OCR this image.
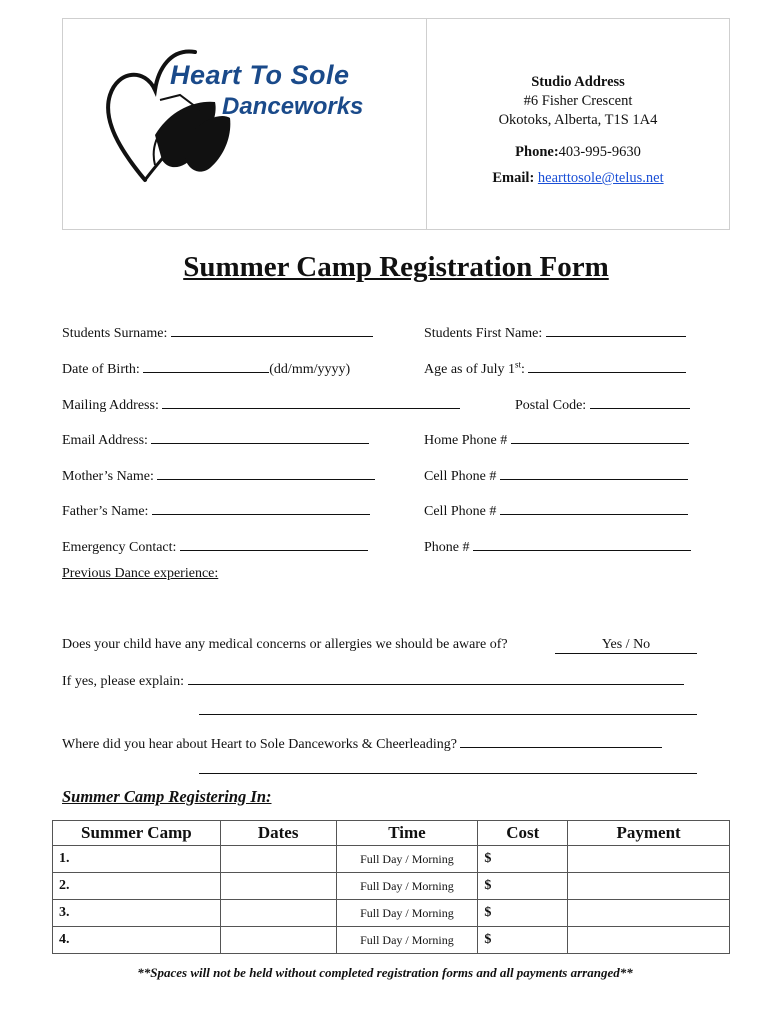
Heart To Sole
Danceworks
Studio Address
#6 Fisher Crescent
Okotoks, Alberta, T1S 1A4
Phone:403-995-9630
Email: hearttosole@telus.net
Summer Camp Registration Form
Students Surname:	Students First Name:
Date of Birth:	(dd/mm/yyyy)	Age as of July 1st:
Mailing Address:	Postal Code:
Email Address:	Home Phone #
Mother’s Name:	Cell Phone #
Father’s Name:	Cell Phone #
Emergency Contact:	Phone #
Previous Dance experience:
Does your child have any medical concerns or allergies we should be aware of?	Yes / No
If yes, please explain:
Where did you hear about Heart to Sole Danceworks & Cheerleading?
Summer Camp Registering In:
Summer Camp	Dates	Time	Cost	Payment
1.		Full Day / Morning	$	
2.		Full Day / Morning	$	
3.		Full Day / Morning	$	
4.		Full Day / Morning	$	
**Spaces will not be held without completed registration forms and all payments arranged**
